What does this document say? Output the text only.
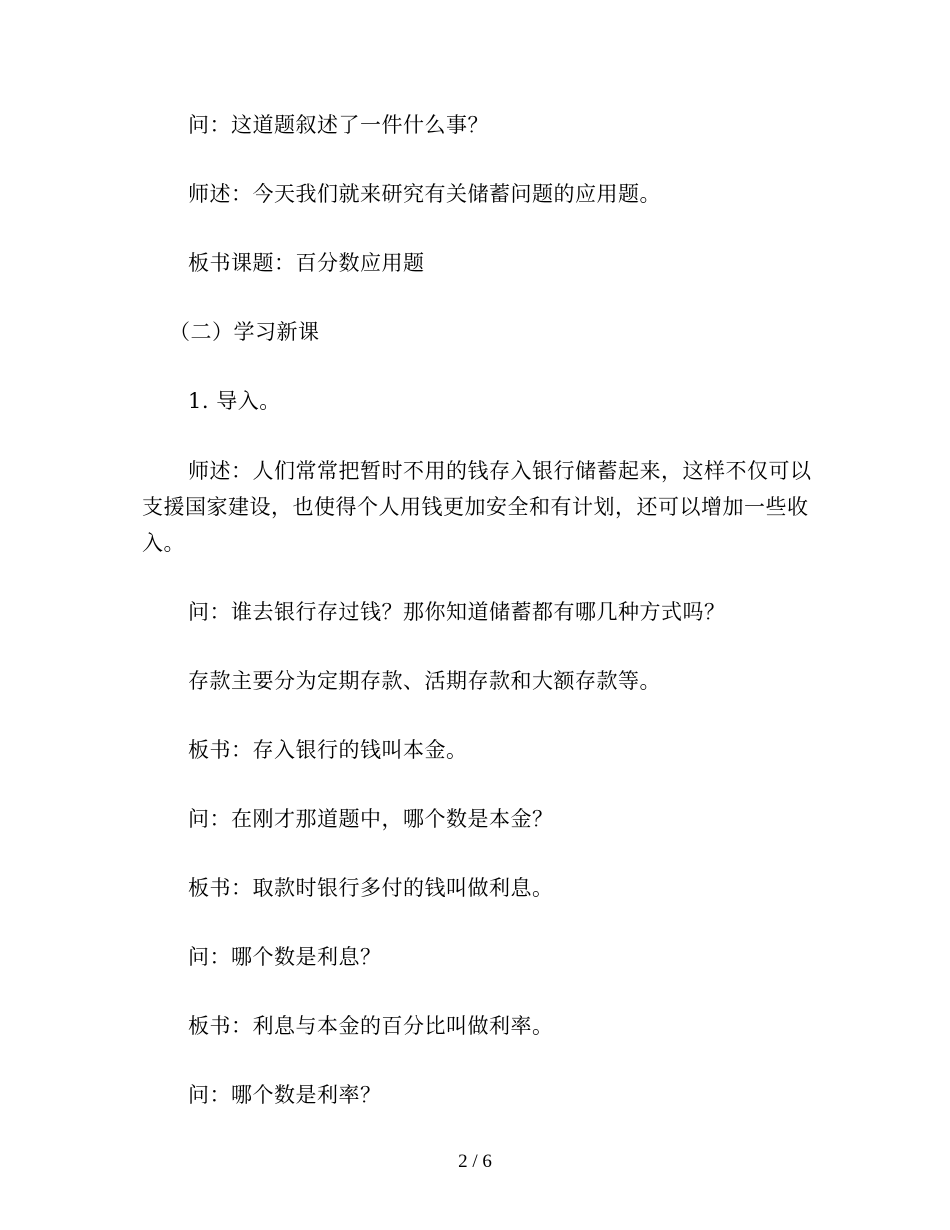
问：这道题叙述了一件什么事？

师述：今天我们就来研究有关储蓄问题的应用题。

板书课题：百分数应用题

（二）学习新课

1. 导入。

师述：人们常常把暂时不用的钱存入银行储蓄起来，这样不仅可以支援国家建设，也使得个人用钱更加安全和有计划，还可以增加一些收入。

问：谁去银行存过钱？那你知道储蓄都有哪几种方式吗？

存款主要分为定期存款、活期存款和大额存款等。

板书：存入银行的钱叫本金。

问：在刚才那道题中，哪个数是本金？

板书：取款时银行多付的钱叫做利息。

问：哪个数是利息？

板书：利息与本金的百分比叫做利率。

问：哪个数是利率？

2 / 6
